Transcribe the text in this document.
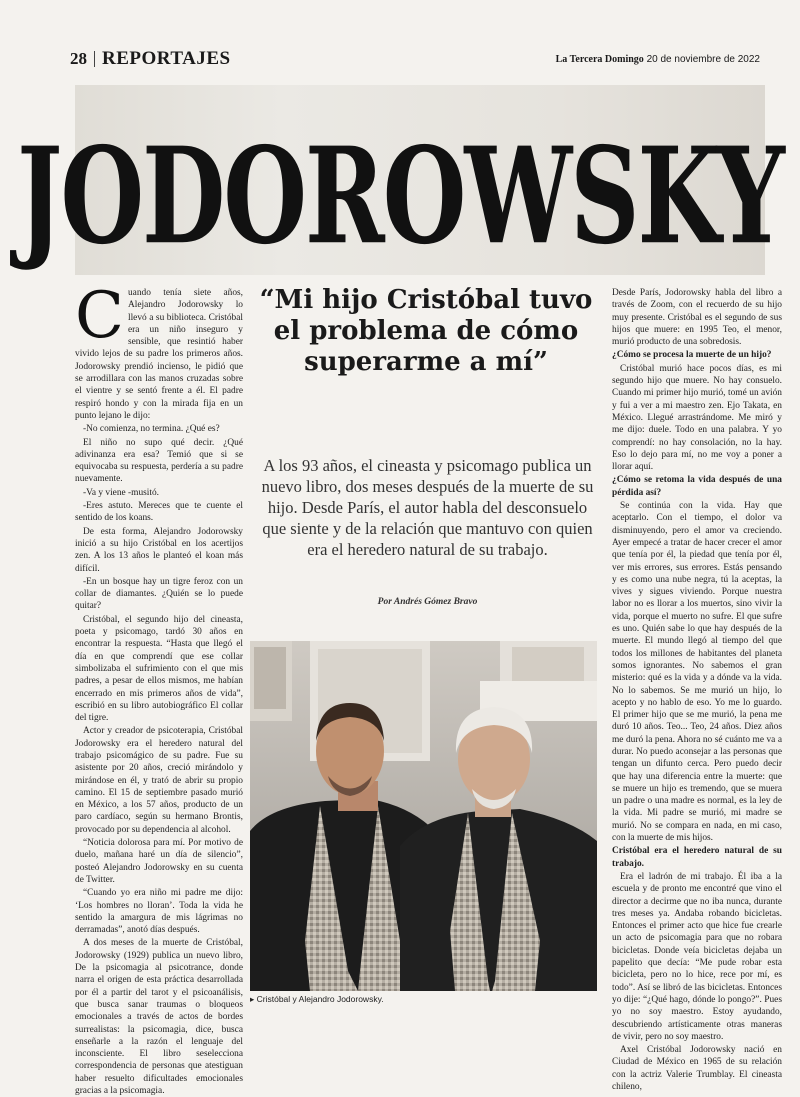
28 REPORTAJES	La Tercera Domingo 20 de noviembre de 2022
JODOROWSKY
C uando tenía siete años, Alejandro Jodorowsky lo llevó a su biblioteca. Cristóbal era un niño inseguro y sensible, que resintió haber vivido lejos de su padre los primeros años. Jodorowsky prendió incienso, le pidió que se arrodillara con las manos cruzadas sobre el vientre y se sentó frente a él. El padre respiró hondo y con la mirada fija en un punto lejano le dijo:

-No comienza, no termina. ¿Qué es?

El niño no supo qué decir. ¿Qué adivinanza era esa? Temió que si se equivocaba su respuesta, perdería a su padre nuevamente.

-Va y viene -musitó.

-Eres astuto. Mereces que te cuente el sentido de los koans.

De esta forma, Alejandro Jodorowsky inició a su hijo Cristóbal en los acertijos zen. A los 13 años le planteó el koan más difícil.

-En un bosque hay un tigre feroz con un collar de diamantes. ¿Quién se lo puede quitar?

Cristóbal, el segundo hijo del cineasta, poeta y psicomago, tardó 30 años en encontrar la respuesta. “Hasta que llegó el día en que comprendí que ese collar simbolizaba el sufrimiento con el que mis padres, a pesar de ellos mismos, me habían encerrado en mis primeros años de vida”, escribió en su libro autobiográfico El collar del tigre.

Actor y creador de psicoterapia, Cristóbal Jodorowsky era el heredero natural del trabajo psicomágico de su padre. Fue su asistente por 20 años, creció mirándolo y mirándose en él, y trató de abrir su propio camino. El 15 de septiembre pasado murió en México, a los 57 años, producto de un paro cardíaco, según su hermano Brontis, provocado por su dependencia al alcohol.

“Noticia dolorosa para mí. Por motivo de duelo, mañana haré un día de silencio”, posteó Alejandro Jodorowsky en su cuenta de Twitter.

“Cuando yo era niño mi padre me dijo: ‘Los hombres no lloran’. Toda la vida he sentido la amargura de mis lágrimas no derramadas”, anotó días después.

A dos meses de la muerte de Cristóbal, Jodorowsky (1929) publica un nuevo libro, De la psicomagia al psicotrance, donde narra el origen de esta práctica desarrollada por él a partir del tarot y el psicoanálisis, que busca sanar traumas o bloqueos emocionales a través de actos de bordes surrealistas: la psicomagia, dice, busca enseñarle a la razón el lenguaje del inconsciente. El libro seselecciona correspondencia de personas que atestiguan haber resuelto dificultades emocionales gracias a la psicomagia.

“Mi hijo Cristóbal tuvo el problema de cómo superarme a mí”
A los 93 años, el cineasta y psicomago publica un nuevo libro, dos meses después de la muerte de su hijo. Desde París, el autor habla del desconsuelo que siente y de la relación que mantuvo con quien era el heredero natural de su trabajo.
Por Andrés Gómez Bravo
▸ Cristóbal y Alejandro Jodorowsky.

Desde París, Jodorowsky habla del libro a través de Zoom, con el recuerdo de su hijo muy presente. Cristóbal es el segundo de sus hijos que muere: en 1995 Teo, el menor, murió producto de una sobredosis.

¿Cómo se procesa la muerte de un hijo?

Cristóbal murió hace pocos días, es mi segundo hijo que muere. No hay consuelo. Cuando mi primer hijo murió, tomé un avión y fui a ver a mi maestro zen. Ejo Takata, en México. Llegué arrastrándome. Me miró y me dijo: duele. Todo en una palabra. Y yo comprendí: no hay consolación, no la hay. Eso lo dejo para mí, no me voy a poner a llorar aquí.

¿Cómo se retoma la vida después de una pérdida así?

Se continúa con la vida. Hay que aceptarlo. Con el tiempo, el dolor va disminuyendo, pero el amor va creciendo. Ayer empecé a tratar de hacer crecer el amor que tenía por él, la piedad que tenía por él, ver mis errores, sus errores. Estás pensando y es como una nube negra, tú la aceptas, la vives y sigues viviendo. Porque nuestra labor no es llorar a los muertos, sino vivir la vida, porque el muerto no sufre. El que sufre es uno. Quién sabe lo que hay después de la muerte. El mundo llegó al tiempo del que todos los millones de habitantes del planeta somos ignorantes. No sabemos el gran misterio: qué es la vida y a dónde va la vida. No lo sabemos. Se me murió un hijo, lo acepto y no hablo de eso. Yo me lo guardo. El primer hijo que se me murió, la pena me duró 10 años. Teo... Teo, 24 años. Diez años me duró la pena. Ahora no sé cuánto me va a durar. No puedo aconsejar a las personas que tengan un difunto cerca. Pero puedo decir que hay una diferencia entre la muerte: que se muere un hijo es tremendo, que se muera un padre o una madre es normal, es la ley de la vida. Mi padre se murió, mi madre se murió. No se compara en nada, en mi caso, con la muerte de mis hijos.

Cristóbal era el heredero natural de su trabajo.

Era el ladrón de mi trabajo. Él iba a la escuela y de pronto me encontré que vino el director a decirme que no iba nunca, durante tres meses ya. Andaba robando bicicletas. Entonces el primer acto que hice fue crearle un acto de psicomagia para que no robara bicicletas. Donde veía bicicletas dejaba un papelito que decía: “Me pude robar esta bicicleta, pero no lo hice, rece por mí, es todo”. Así se libró de las bicicletas. Entonces yo dije: “¿Qué hago, dónde lo pongo?”. Pues yo no soy maestro. Estoy ayudando, descubriendo artísticamente otras maneras de vivir, pero no soy maestro.

Axel Cristóbal Jodorowsky nació en Ciudad de México en 1965 de su relación con la actriz Valerie Trumblay. El cineasta chileno,
